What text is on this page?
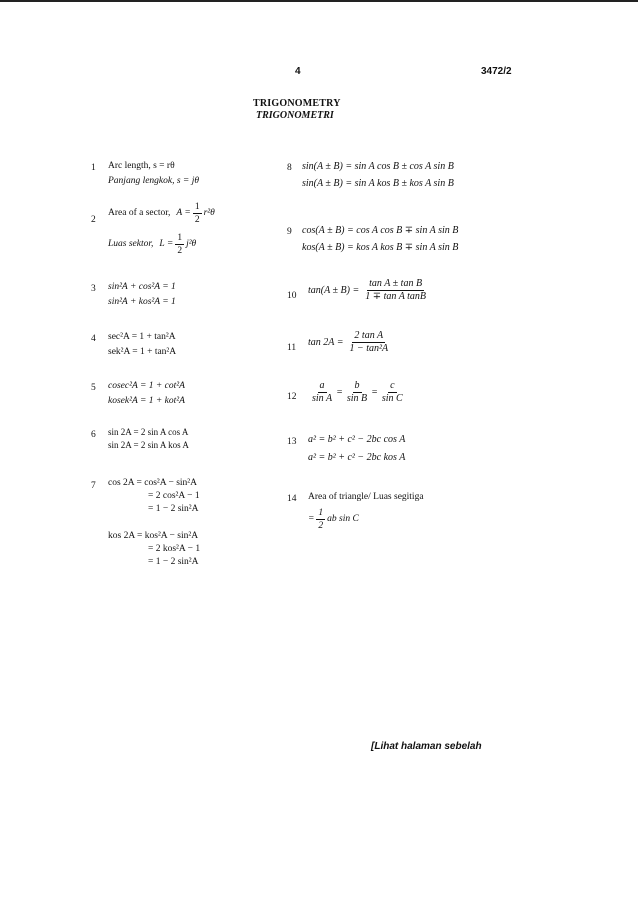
4	3472/2
TRIGONOMETRY
TRIGONOMETRI
1 Arc length, s = rθ
Panjang lengkok, s = jθ
2
Area of a sector, $A = \frac{1}{2} r^2\theta$
Luas sektor, $L = \frac{1}{2} j^2\theta$
3 sin²A + cos²A = 1
sin²A + kos²A = 1
4 sec²A = 1 + tan²A
sek²A = 1 + tan²A
5 cosec²A = 1 + cot²A
kosek²A = 1 + kot²A
6 sin 2A = 2 sin A cos A
sin 2A = 2 sin A kos A
7 cos 2A = cos²A − sin²A
= 2 cos²A − 1
= 1 − 2 sin²A
kos 2A = kos²A − sin²A
= 2 kos²A − 1
= 1 − 2 sin²A
8 sin(A ± B) = sin A cos B ± cos A sin B
sin(A ± B) = sin A kos B ± kos A sin B
9 cos(A ± B) = cos A cos B ∓ sin A sin B
kos(A ± B) = kos A kos B ∓ sin A sin B
10 $\tan(A \pm B) = \frac{\text{tan A ± tan B}}{\text{1 ∓ tan A tanB}}$
11 $\tan 2A = \frac{\text{2 tan A}}{\text{1 − tan²A}}$
$12 \frac{a}{\text{sin A}} = \frac{b}{\text{sin B}} = \frac{c}{\text{sin C}}$
13 a² = b² + c² − 2bc cos A
a² = b² + c² − 2bc kos A
14 Area of triangle/ Luas segitiga
= $\frac{1}{2}$ ab sin C
[Lihat halaman sebelah
